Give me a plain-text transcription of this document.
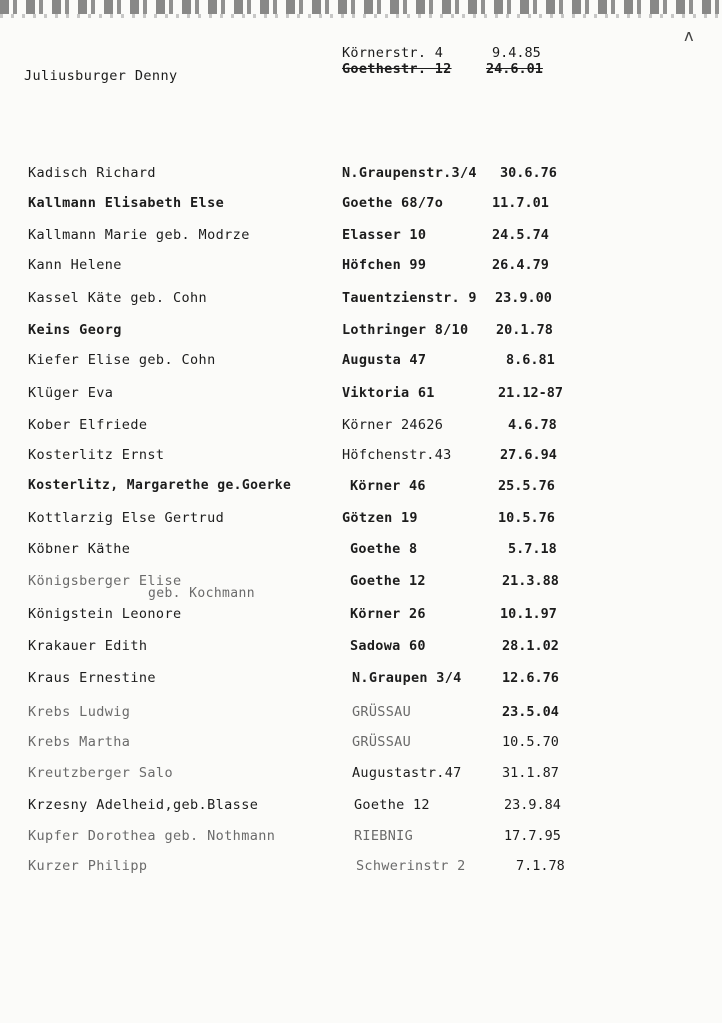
ʌ
Körnerstr. 4	9.4.85
Goethestr. 12	24.6.01
Juliusburger Denny
Kadisch Richard	N.Graupenstr.3/4 30.6.76
Kallmann Elisabeth Else	Goethe 68/7o	11.7.01
Kallmann Marie geb. Modrze	Elasser 10	24.5.74
Kann Helene	Höfchen 99	26.4.79
Kassel Käte geb. Cohn	Tauentzienstr. 9 23.9.00
Keins Georg	Lothringer 8/10 20.1.78
Kiefer Elise geb. Cohn	Augusta 47	8.6.81
Klüger Eva	Viktoria 61	21.12-87
Kober Elfriede	Körner 24626	4.6.78
Kosterlitz Ernst	Höfchenstr.43	27.6.94
Kosterlitz, Margarethe ge.Goerke	Körner 46	25.5.76
Kottlarzig Else Gertrud	Götzen 19	10.5.76
Köbner Käthe	Goethe 8	5.7.18
Königsberger Elise
geb. Kochmann
Goethe 12	21.3.88
Königstein Leonore	Körner 26	10.1.97
Krakauer Edith	Sadowa 60	28.1.02
Kraus Ernestine	N.Graupen 3/4	12.6.76
Krebs Ludwig	GRÜSSAU	23.5.04
Krebs Martha	GRÜSSAU	10.5.70
Kreutzberger Salo	Augustastr.47	31.1.87
Krzesny Adelheid,geb.Blasse	Goethe 12	23.9.84
Kupfer Dorothea geb. Nothmann	RIEBNIG	17.7.95
Kurzer Philipp	Schwerinstr 2	7.1.78
